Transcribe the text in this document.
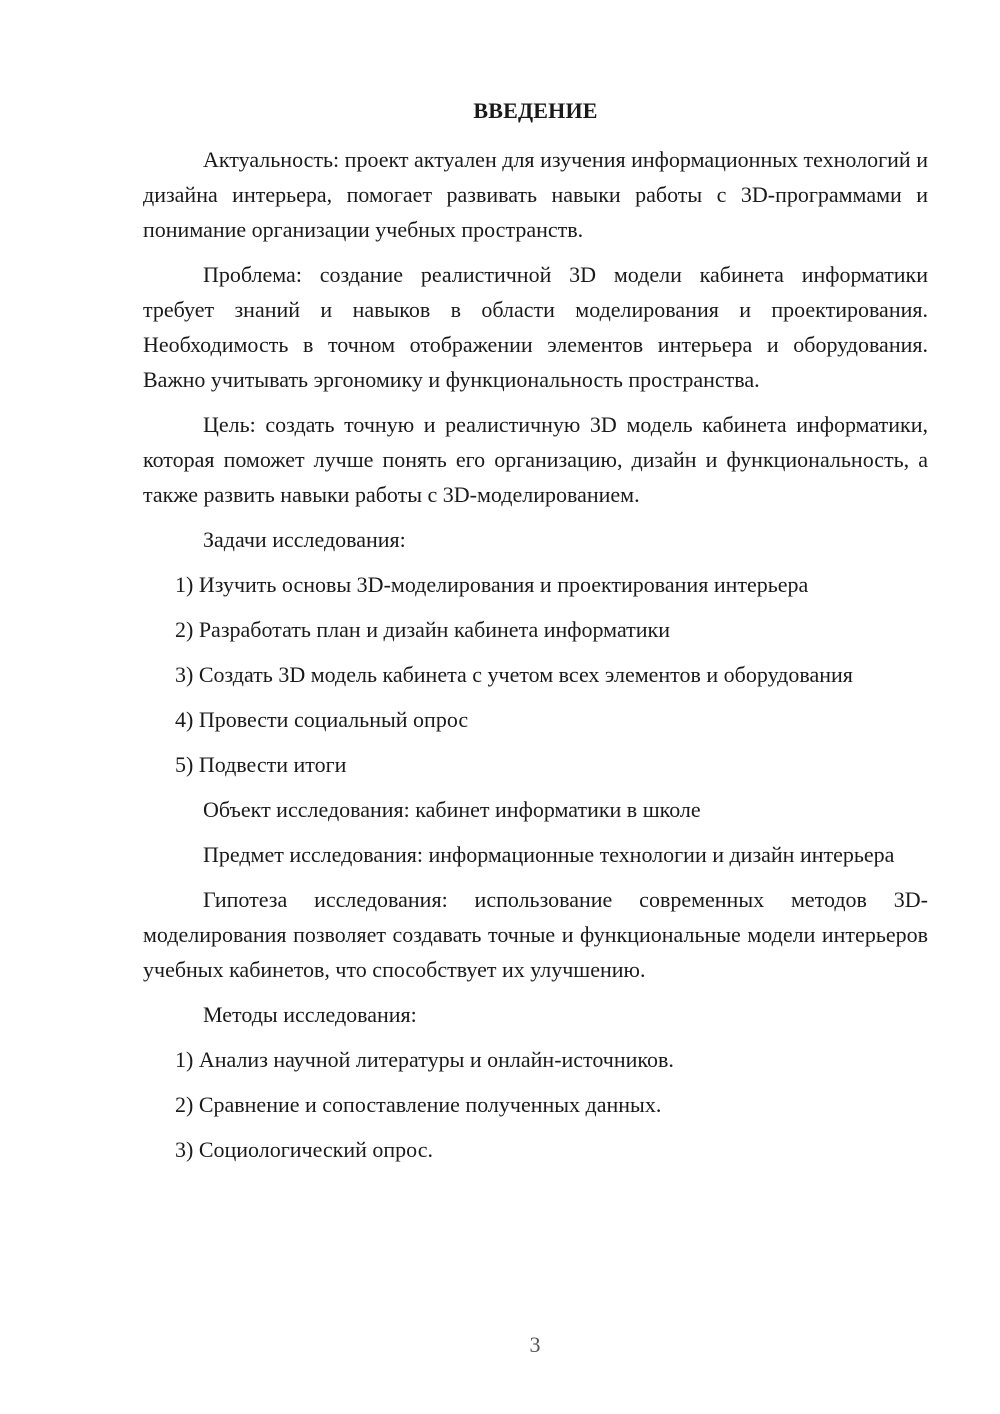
ВВЕДЕНИЕ

Актуальность: проект актуален для изучения информационных технологий и дизайна интерьера, помогает развивать навыки работы с 3D-программами и понимание организации учебных пространств.

Проблема: создание реалистичной 3D модели кабинета информатики требует знаний и навыков в области моделирования и проектирования. Необходимость в точном отображении элементов интерьера и оборудования. Важно учитывать эргономику и функциональность пространства.

Цель: создать точную и реалистичную 3D модель кабинета информатики, которая поможет лучше понять его организацию, дизайн и функциональность, а также развить навыки работы с 3D-моделированием.

Задачи исследования:

1) Изучить основы 3D-моделирования и проектирования интерьера

2) Разработать план и дизайн кабинета информатики

3) Создать 3D модель кабинета с учетом всех элементов и оборудования

4) Провести социальный опрос

5) Подвести итоги

Объект исследования: кабинет информатики в школе

Предмет исследования: информационные технологии и дизайн интерьера

Гипотеза исследования: использование современных методов 3D-моделирования позволяет создавать точные и функциональные модели интерьеров учебных кабинетов, что способствует их улучшению.

Методы исследования:

1) Анализ научной литературы и онлайн-источников.

2) Сравнение и сопоставление полученных данных.

3) Социологический опрос.

3
